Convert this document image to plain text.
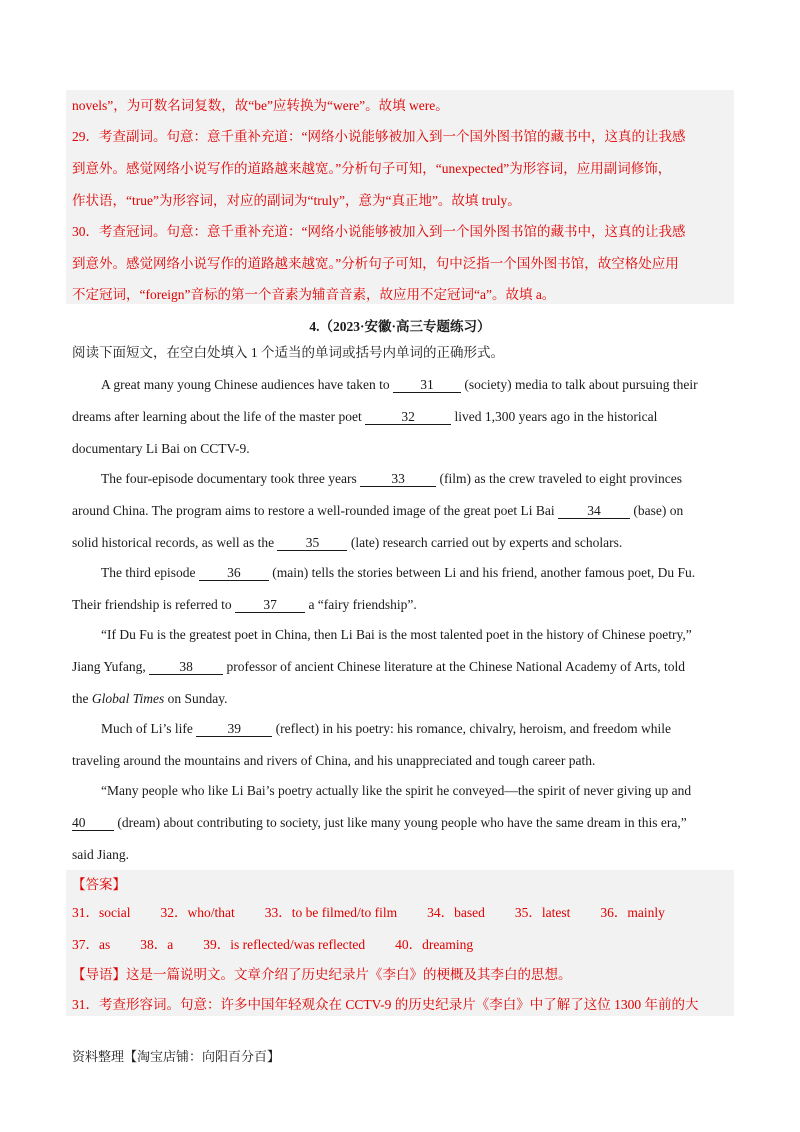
novels”，为可数名词复数，故“be”应转换为“were”。故填 were。
29．考查副词。句意：意千重补充道：“网络小说能够被加入到一个国外图书馆的藏书中，这真的让我感
到意外。感觉网络小说写作的道路越来越宽。”分析句子可知，“unexpected”为形容词，应用副词修饰，
作状语，“true”为形容词，对应的副词为“truly”，意为“真正地”。故填 truly。
30．考查冠词。句意：意千重补充道：“网络小说能够被加入到一个国外图书馆的藏书中，这真的让我感
到意外。感觉网络小说写作的道路越来越宽。”分析句子可知，句中泛指一个国外图书馆，故空格处应用
不定冠词，“foreign”音标的第一个音素为辅音音素，故应用不定冠词“a”。故填 a。
4.（2023·安徽·高三专题练习）
阅读下面短文，在空白处填入 1 个适当的单词或括号内单词的正确形式。
A great many young Chinese audiences have taken to 31 (society) media to talk about pursuing their
dreams after learning about the life of the master poet	32	lived 1,300 years ago in the historical
documentary Li Bai on CCTV-9.
The four-episode documentary took three years 33 (film) as the crew traveled to eight provinces
around China. The program aims to restore a well-rounded image of the great poet Li Bai 34 (base) on
solid historical records, as well as the 35 (late) research carried out by experts and scholars.
The third episode 36 (main) tells the stories between Li and his friend, another famous poet, Du Fu.
Their friendship is referred to 37 a “fairy friendship”.
“If Du Fu is the greatest poet in China, then Li Bai is the most talented poet in the history of Chinese poetry,”
Jiang Yufang, 38 professor of ancient Chinese literature at the Chinese National Academy of Arts, told
the Global Times on Sunday.
Much of Li’s life 39 (reflect) in his poetry: his romance, chivalry, heroism, and freedom while
traveling around the mountains and rivers of China, and his unappreciated and tough career path.
“Many people who like Li Bai’s poetry actually like the spirit he conveyed—the spirit of never giving up and
40 (dream) about contributing to society, just like many young people who have the same dream in this era,”
said Jiang.
【答案】
31．social 32．who/that 33．to be filmed/to film 34．based 35．latest 36．mainly
37．as 38．a 39．is reflected/was reflected 40．dreaming
【导语】这是一篇说明文。文章介绍了历史纪录片《李白》的梗概及其李白的思想。
31．考查形容词。句意：许多中国年轻观众在 CCTV-9 的历史纪录片《李白》中了解了这位 1300 年前的大
资料整理【淘宝店铺：向阳百分百】
